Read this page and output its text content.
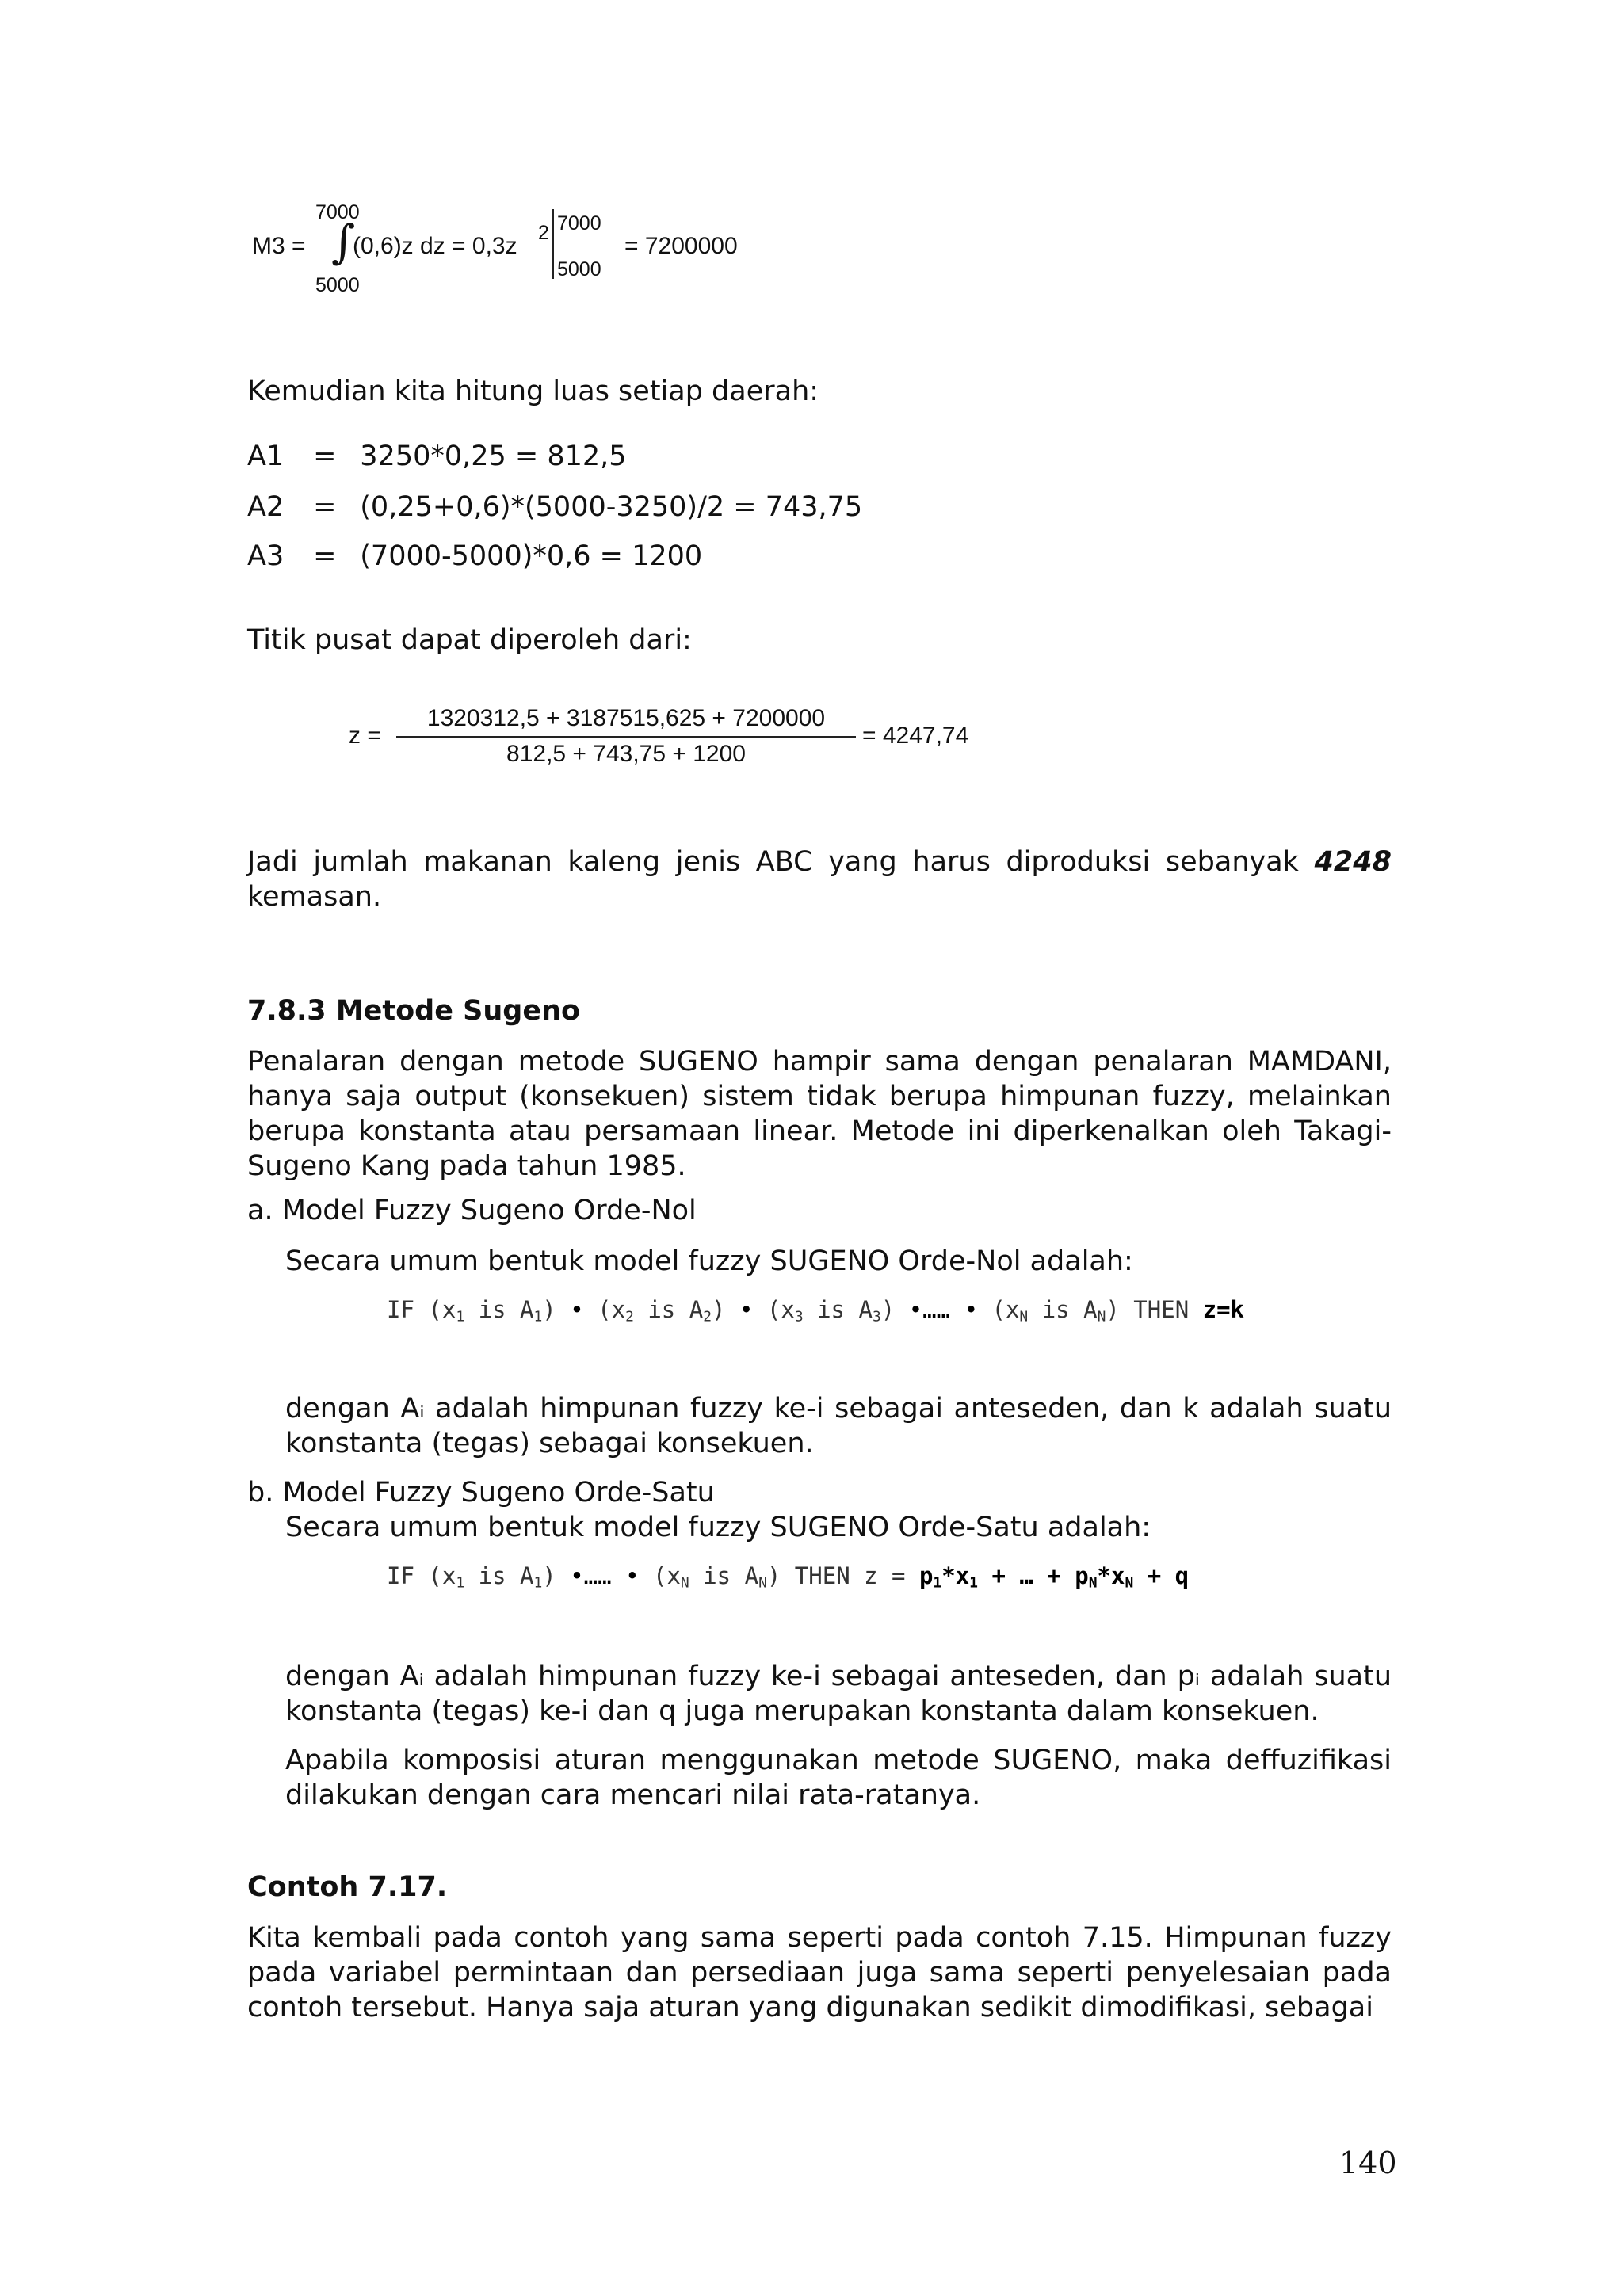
7000
M3 = ∫
(0,6)z dz = 0,3z 2 7000
5000
= 7200000
5000
Kemudian kita hitung luas setiap daerah:
A1 = 3250*0,25 = 812,5
A2 = (0,25+0,6)*(5000-3250)/2 = 743,75
A3 = (7000-5000)*0,6 = 1200
Titik pusat dapat diperoleh dari:
z =
1320312,5 + 3187515,625 + 7200000
812,5 + 743,75 + 1200
= 4247,74
Jadi jumlah makanan kaleng jenis ABC yang harus diproduksi sebanyak 4248
kemasan.
7.8.3 Metode Sugeno
Penalaran dengan metode SUGENO hampir sama dengan penalaran MAMDANI, hanya saja output (konsekuen) sistem tidak berupa himpunan fuzzy, melainkan berupa konstanta atau persamaan linear. Metode ini diperkenalkan oleh Takagi-Sugeno Kang pada tahun 1985.
a. Model Fuzzy Sugeno Orde-Nol
Secara umum bentuk model fuzzy SUGENO Orde-Nol adalah:
IF ($x_1$ is $A_1$) • ($x_2$ is $A_2$) • ($x_3$ is $A_3$) •…… • ($x_N$ is $A_N$) THEN z=k
dengan Aᵢ adalah himpunan fuzzy ke-i sebagai anteseden, dan k adalah suatu konstanta (tegas) sebagai konsekuen.
b. Model Fuzzy Sugeno Orde-Satu
Secara umum bentuk model fuzzy SUGENO Orde-Satu adalah:
IF ($x_1$ is $A_1$) •…… • ($x_N$ is $A_N$) THEN $z = p_1*x_1$ + … + $p_N*x_N + q$
dengan Aᵢ adalah himpunan fuzzy ke-i sebagai anteseden, dan pᵢ adalah suatu konstanta (tegas) ke-i dan q juga merupakan konstanta dalam konsekuen.
Apabila komposisi aturan menggunakan metode SUGENO, maka deffuzifikasi dilakukan dengan cara mencari nilai rata-ratanya.
Contoh 7.17.
Kita kembali pada contoh yang sama seperti pada contoh 7.15. Himpunan fuzzy pada variabel permintaan dan persediaan juga sama seperti penyelesaian pada contoh tersebut. Hanya saja aturan yang digunakan sedikit dimodifikasi, sebagai
140
